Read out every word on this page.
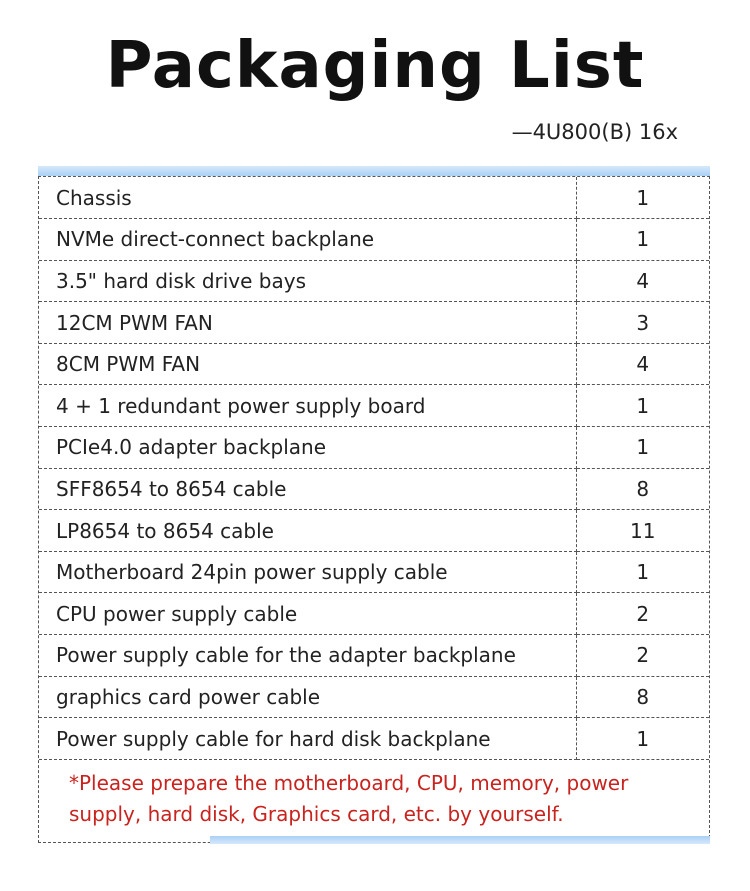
Packaging List
—4U800(B) 16x
Chassis	1
NVMe direct-connect backplane	1
3.5" hard disk drive bays	4
12CM PWM FAN	3
8CM PWM FAN	4
4 + 1 redundant power supply board	1
PCIe4.0 adapter backplane	1
SFF8654 to 8654 cable	8
LP8654 to 8654 cable	11
Motherboard 24pin power supply cable	1
CPU power supply cable	2
Power supply cable for the adapter backplane	2
graphics card power cable	8
Power supply cable for hard disk backplane	1
*Please prepare the motherboard, CPU, memory, power supply, hard disk, Graphics card, etc. by yourself.
